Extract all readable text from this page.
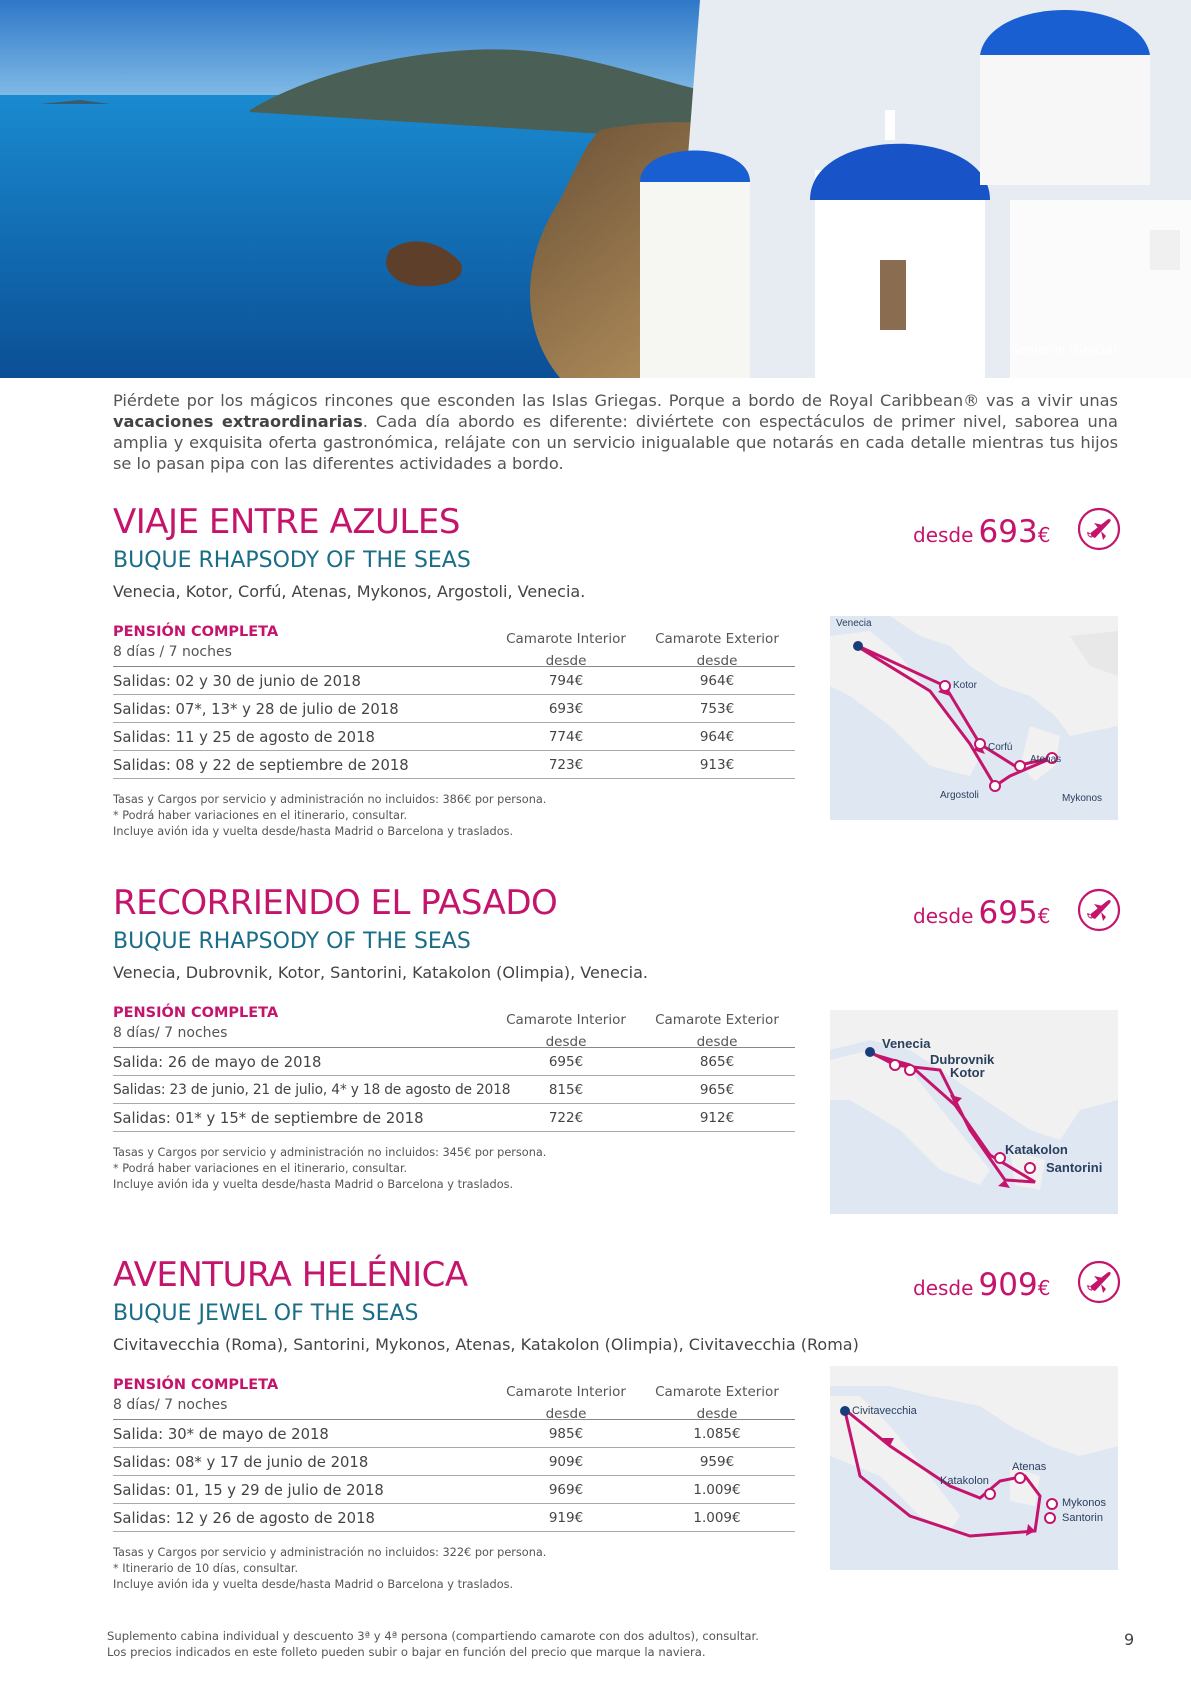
Santorini (Grecia)
Piérdete por los mágicos rincones que esconden las Islas Griegas. Porque a bordo de Royal Caribbean® vas a vivir unas vacaciones extraordinarias. Cada día abordo es diferente: diviértete con espectáculos de primer nivel, saborea una amplia y exquisita oferta gastronómica, relájate con un servicio inigualable que notarás en cada detalle mientras tus hijos se lo pasan pipa con las diferentes actividades a bordo.
VIAJE ENTRE AZULES
BUQUE RHAPSODY OF THE SEAS
Venecia, Kotor, Corfú, Atenas, Mykonos, Argostoli, Venecia.
desde 693€
PENSIÓN COMPLETA
8 días / 7 noches
Camarote Interior
desde
Camarote Exterior
desde
Salidas: 02 y 30 de junio de 2018	794€	964€
Salidas: 07*, 13* y 28 de julio de 2018	693€	753€
Salidas: 11 y 25 de agosto de 2018	774€	964€
Salidas: 08 y 22 de septiembre de 2018	723€	913€
Tasas y Cargos por servicio y administración no incluidos: 386€ por persona.
* Podrá haber variaciones en el itinerario, consultar.
Incluye avión ida y vuelta desde/hasta Madrid o Barcelona y traslados.
Venecia
Kotor
Corfú
Atenas
Argostoli	Mykonos
RECORRIENDO EL PASADO
BUQUE RHAPSODY OF THE SEAS
Venecia, Dubrovnik, Kotor, Santorini, Katakolon (Olimpia), Venecia.
desde 695€
PENSIÓN COMPLETA
8 días/ 7 noches
Camarote Interior
desde
Camarote Exterior
desde
Salida: 26 de mayo de 2018	695€	865€
Salidas: 23 de junio, 21 de julio, 4* y 18 de agosto de 2018	815€	965€
Salidas: 01* y 15* de septiembre de 2018	722€	912€
Tasas y Cargos por servicio y administración no incluidos: 345€ por persona.
* Podrá haber variaciones en el itinerario, consultar.
Incluye avión ida y vuelta desde/hasta Madrid o Barcelona y traslados.
Venecia
Dubrovnik
Kotor
Katakolon
Santorini
AVENTURA HELÉNICA
BUQUE JEWEL OF THE SEAS
Civitavecchia (Roma), Santorini, Mykonos, Atenas, Katakolon (Olimpia), Civitavecchia (Roma)
desde 909€
PENSIÓN COMPLETA
8 días/ 7 noches
Camarote Interior
desde
Camarote Exterior
desde
Salida: 30* de mayo de 2018	985€	1.085€
Salidas: 08* y 17 de junio de 2018	909€	959€
Salidas: 01, 15 y 29 de julio de 2018	969€	1.009€
Salidas: 12 y 26 de agosto de 2018	919€	1.009€
Tasas y Cargos por servicio y administración no incluidos: 322€ por persona.
* Itinerario de 10 días, consultar.
Incluye avión ida y vuelta desde/hasta Madrid o Barcelona y traslados.
Civitavecchia
Atenas
Katakolon
Mykonos
Santorin
Suplemento cabina individual y descuento 3ª y 4ª persona (compartiendo camarote con dos adultos), consultar.
Los precios indicados en este folleto pueden subir o bajar en función del precio que marque la naviera.
9
